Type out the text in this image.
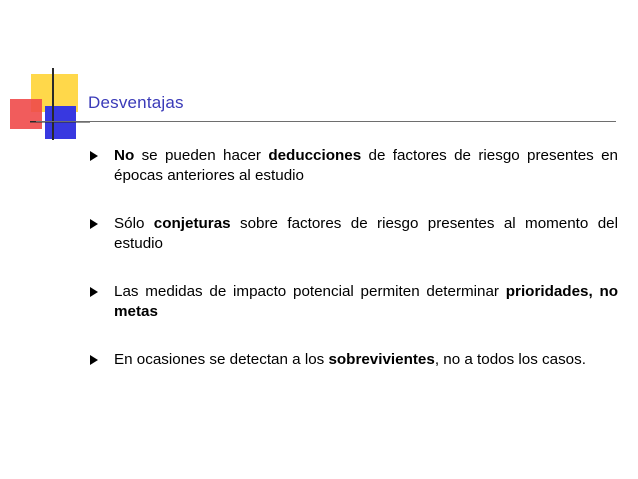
Desventajas
No se pueden hacer deducciones de factores de riesgo presentes en épocas anteriores al estudio
Sólo conjeturas sobre factores de riesgo presentes al momento del estudio
Las medidas de impacto potencial permiten determinar prioridades, no metas
En ocasiones se detectan a los sobrevivientes, no a todos los casos.
